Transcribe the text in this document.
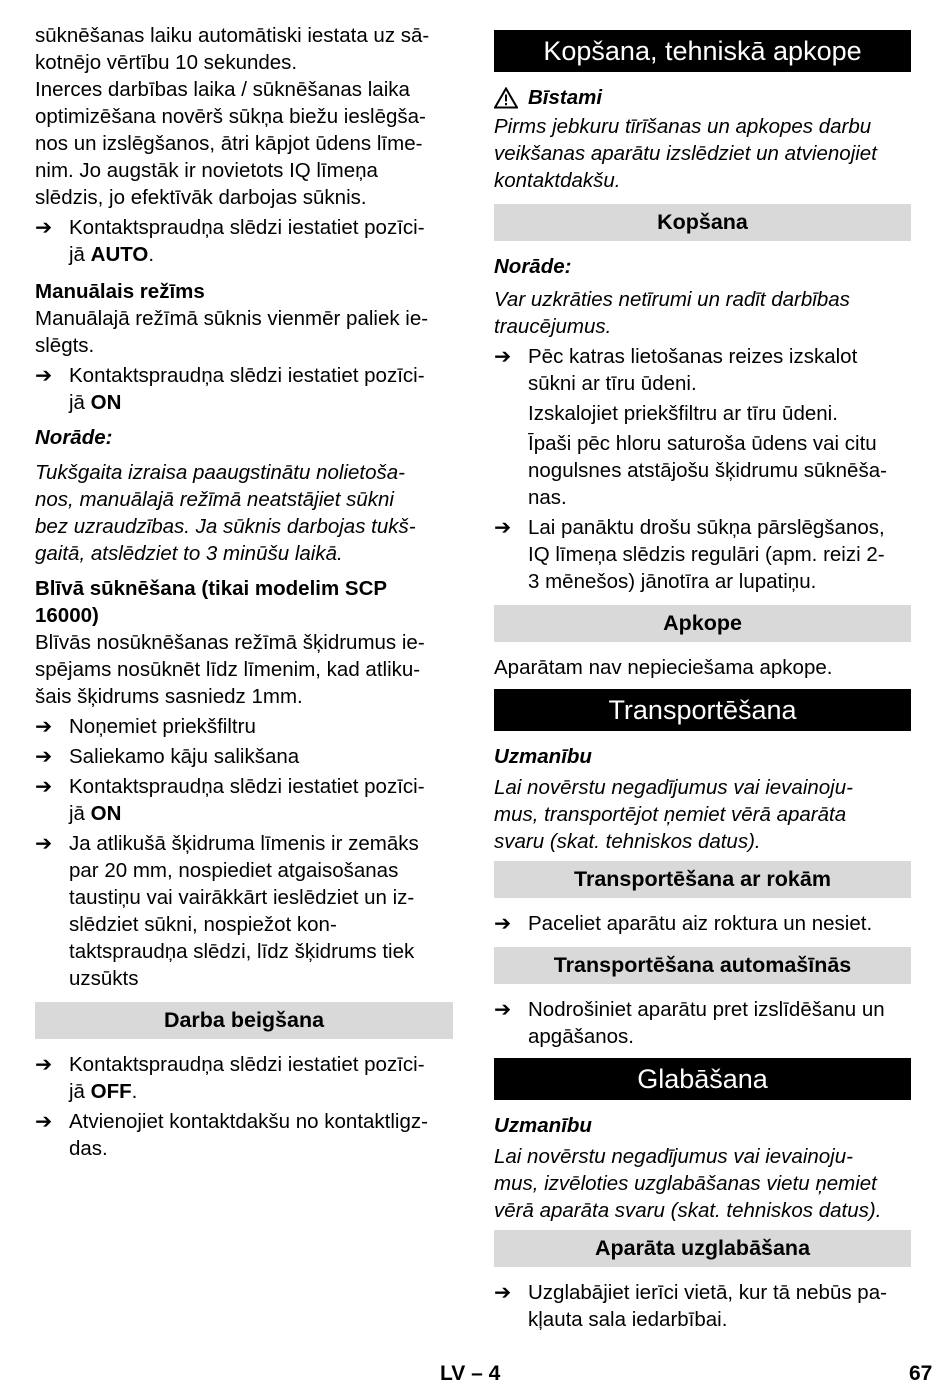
sūknēšanas laiku automātiski iestata uz sā-
kotnējo vērtību 10 sekundes.
Inerces darbības laika / sūknēšanas laika
optimizēšana novērš sūkņa biežu ieslēgša-
nos un izslēgšanos, ātri kāpjot ūdens līme-
nim. Jo augstāk ir novietots IQ līmeņa
slēdzis, jo efektīvāk darbojas sūknis.
➔ Kontaktspraudņa slēdzi iestatiet pozīci-
jā AUTO.
Manuālais režīms
Manuālajā režīmā sūknis vienmēr paliek ie-
slēgts.
➔ Kontaktspraudņa slēdzi iestatiet pozīci-
jā ON
Norāde:
Tukšgaita izraisa paaugstinātu nolietoša-
nos, manuālajā režīmā neatstājiet sūkni
bez uzraudzības. Ja sūknis darbojas tukš-
gaitā, atslēdziet to 3 minūšu laikā.
Blīvā sūknēšana (tikai modelim SCP
16000)
Blīvās nosūknēšanas režīmā šķidrumus ie-
spējams nosūknēt līdz līmenim, kad atliku-
šais šķidrums sasniedz 1mm.
➔ Noņemiet priekšfiltru
➔ Saliekamo kāju salikšana
➔ Kontaktspraudņa slēdzi iestatiet pozīci-
jā ON
➔ Ja atlikušā šķidruma līmenis ir zemāks
par 20 mm, nospiediet atgaisošanas
taustiņu vai vairākkārt ieslēdziet un iz-
slēdziet sūkni, nospiežot kon-
taktspraudņa slēdzi, līdz šķidrums tiek
uzsūkts
Darba beigšana
➔ Kontaktspraudņa slēdzi iestatiet pozīci-
jā OFF.
➔ Atvienojiet kontaktdakšu no kontaktligz-
das.
Kopšana, tehniskā apkope
Bīstami
Pirms jebkuru tīrīšanas un apkopes darbu
veikšanas aparātu izslēdziet un atvienojiet
kontaktdakšu.
Kopšana
Norāde:
Var uzkrāties netīrumi un radīt darbības
traucējumus.
➔ Pēc katras lietošanas reizes izskalot
sūkni ar tīru ūdeni.
Izskalojiet priekšfiltru ar tīru ūdeni.
Īpaši pēc hloru saturoša ūdens vai citu
nogulsnes atstājošu šķidrumu sūknēša-
nas.
➔ Lai panāktu drošu sūkņa pārslēgšanos,
IQ līmeņa slēdzis regulāri (apm. reizi 2-
3 mēnešos) jānotīra ar lupatiņu.
Apkope
Aparātam nav nepieciešama apkope.
Transportēšana
Uzmanību
Lai novērstu negadījumus vai ievainoju-
mus, transportējot ņemiet vērā aparāta
svaru (skat. tehniskos datus).
Transportēšana ar rokām
➔ Paceliet aparātu aiz roktura un nesiet.
Transportēšana automašīnās
➔ Nodrošiniet aparātu pret izslīdēšanu un
apgāšanos.
Glabāšana
Uzmanību
Lai novērstu negadījumus vai ievainoju-
mus, izvēloties uzglabāšanas vietu ņemiet
vērā aparāta svaru (skat. tehniskos datus).
Aparāta uzglabāšana
➔ Uzglabājiet ierīci vietā, kur tā nebūs pa-
kļauta sala iedarbībai.
LV – 4	67
